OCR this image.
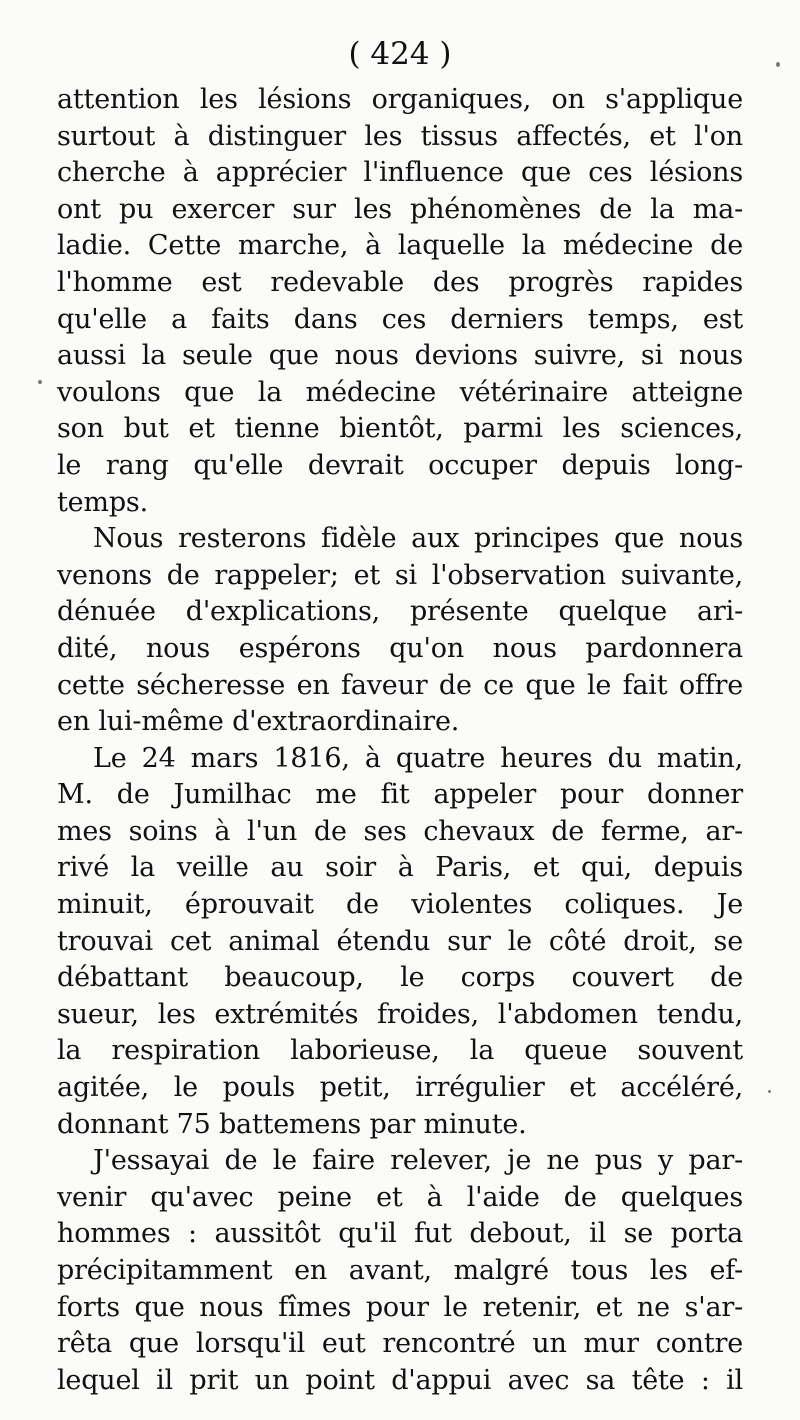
( 424 )
attention les lésions organiques, on s'applique
surtout à distinguer les tissus affectés, et l'on
cherche à apprécier l'influence que ces lésions
ont pu exercer sur les phénomènes de la ma-
ladie. Cette marche, à laquelle la médecine de
l'homme est redevable des progrès rapides
qu'elle a faits dans ces derniers temps, est
aussi la seule que nous devions suivre, si nous
voulons que la médecine vétérinaire atteigne
son but et tienne bientôt, parmi les sciences,
le rang qu'elle devrait occuper depuis long-
temps.
Nous resterons fidèle aux principes que nous
venons de rappeler; et si l'observation suivante,
dénuée d'explications, présente quelque ari-
dité, nous espérons qu'on nous pardonnera
cette sécheresse en faveur de ce que le fait offre
en lui-même d'extraordinaire.
Le 24 mars 1816, à quatre heures du matin,
M. de Jumilhac me fit appeler pour donner
mes soins à l'un de ses chevaux de ferme, ar-
rivé la veille au soir à Paris, et qui, depuis
minuit, éprouvait de violentes coliques. Je
trouvai cet animal étendu sur le côté droit, se
débattant beaucoup, le corps couvert de
sueur, les extrémités froides, l'abdomen tendu,
la respiration laborieuse, la queue souvent
agitée, le pouls petit, irrégulier et accéléré,
donnant 75 battemens par minute.
J'essayai de le faire relever, je ne pus y par-
venir qu'avec peine et à l'aide de quelques
hommes : aussitôt qu'il fut debout, il se porta
précipitamment en avant, malgré tous les ef-
forts que nous fîmes pour le retenir, et ne s'ar-
rêta que lorsqu'il eut rencontré un mur contre
lequel il prit un point d'appui avec sa tête : il
